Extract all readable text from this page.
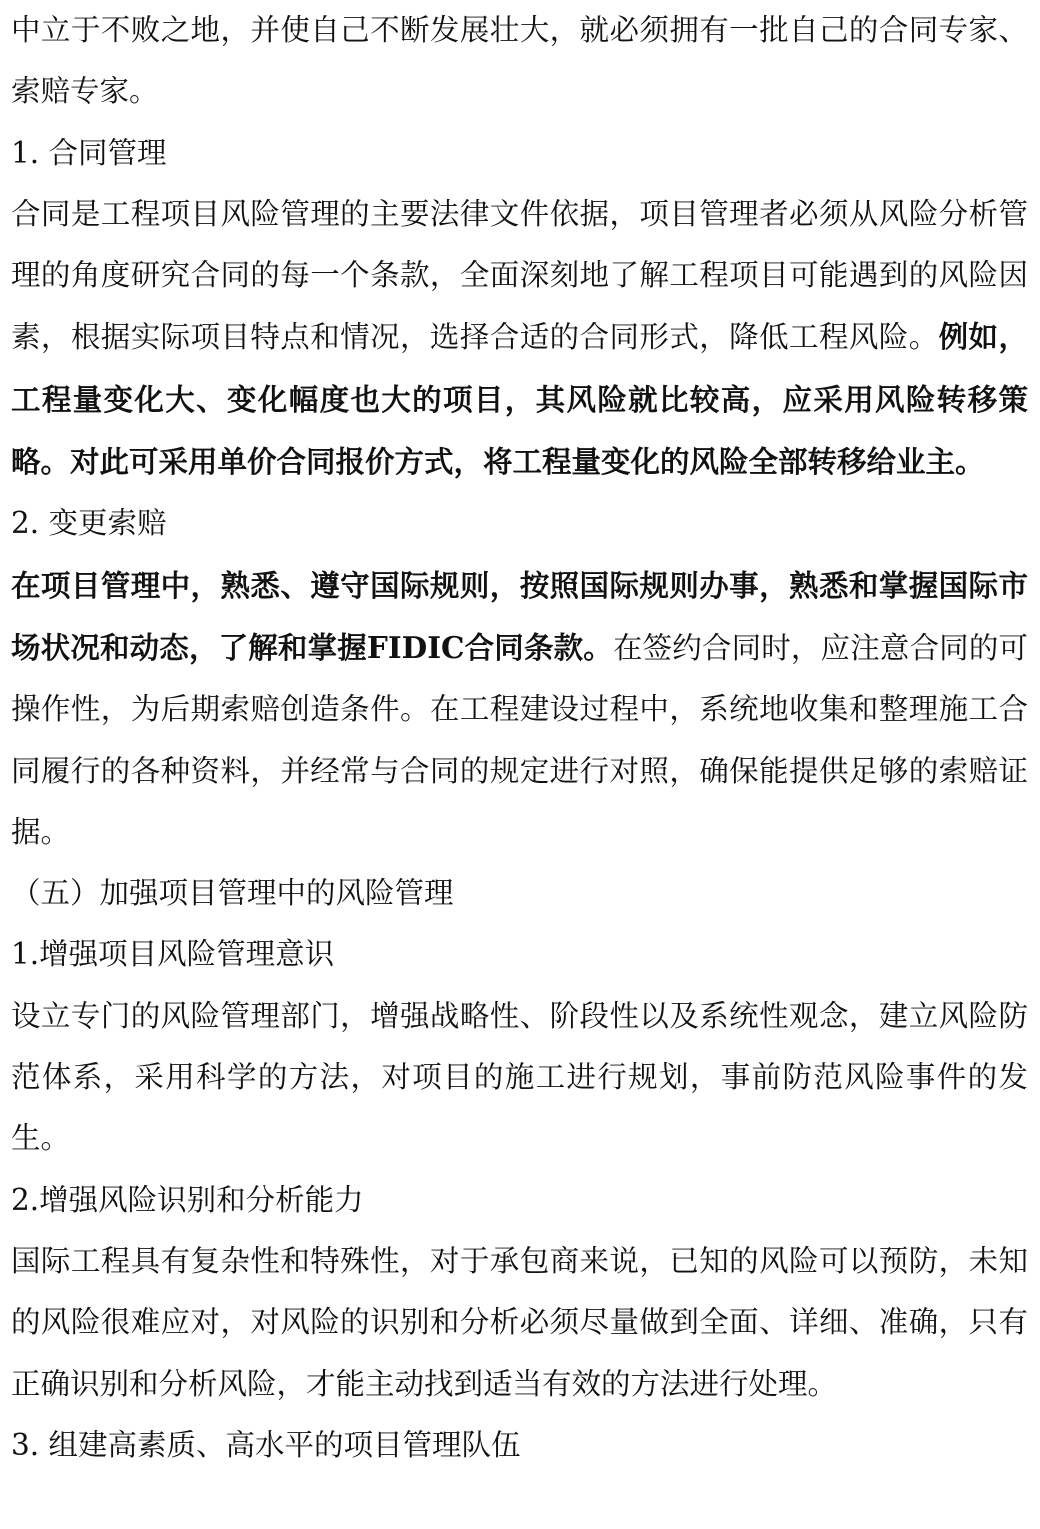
中立于不败之地，并使自己不断发展壮大，就必须拥有一批自己的合同专家、索赔专家。

1. 合同管理

合同是工程项目风险管理的主要法律文件依据，项目管理者必须从风险分析管理的角度研究合同的每一个条款，全面深刻地了解工程项目可能遇到的风险因素，根据实际项目特点和情况，选择合适的合同形式，降低工程风险。例如，工程量变化大、变化幅度也大的项目，其风险就比较高，应采用风险转移策略。对此可采用单价合同报价方式，将工程量变化的风险全部转移给业主。

2. 变更索赔

在项目管理中，熟悉、遵守国际规则，按照国际规则办事，熟悉和掌握国际市场状况和动态，了解和掌握FIDIC合同条款。在签约合同时，应注意合同的可操作性，为后期索赔创造条件。在工程建设过程中，系统地收集和整理施工合同履行的各种资料，并经常与合同的规定进行对照，确保能提供足够的索赔证据。

（五）加强项目管理中的风险管理

1.增强项目风险管理意识

设立专门的风险管理部门，增强战略性、阶段性以及系统性观念，建立风险防范体系，采用科学的方法，对项目的施工进行规划，事前防范风险事件的发生。

2.增强风险识别和分析能力

国际工程具有复杂性和特殊性，对于承包商来说，已知的风险可以预防，未知的风险很难应对，对风险的识别和分析必须尽量做到全面、详细、准确，只有正确识别和分析风险，才能主动找到适当有效的方法进行处理。

3. 组建高素质、高水平的项目管理队伍
